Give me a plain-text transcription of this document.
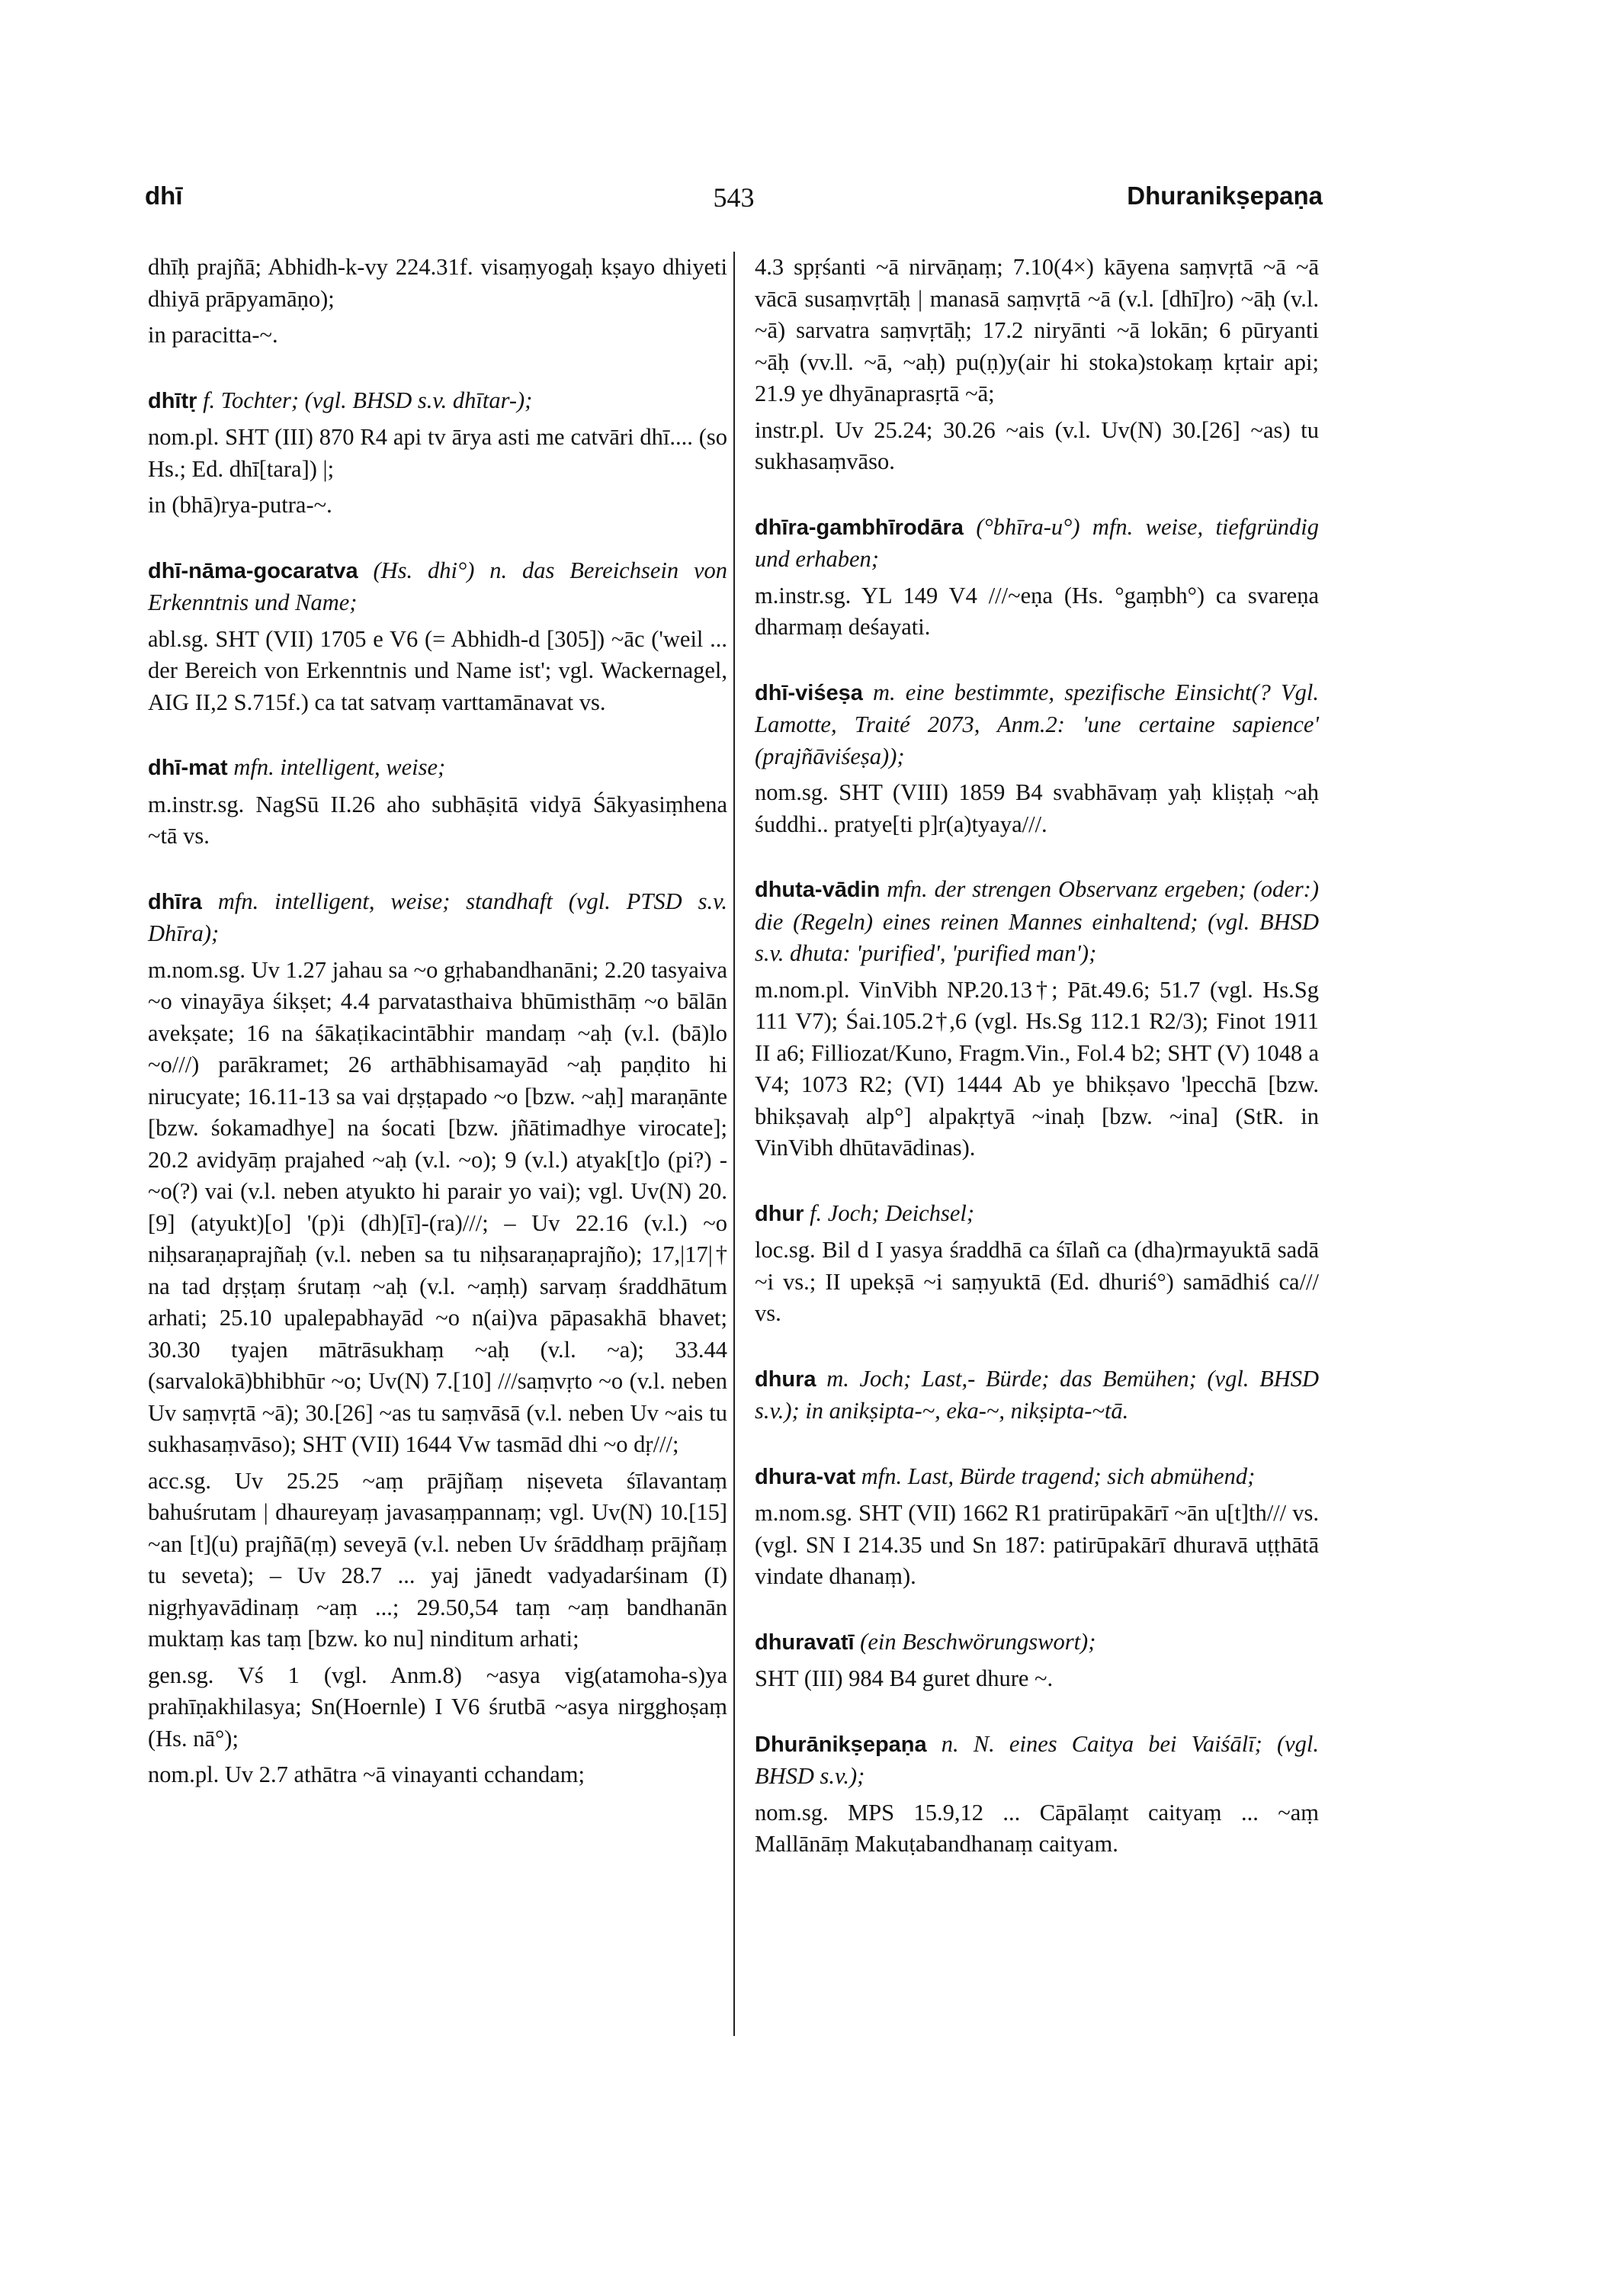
dhī	543	Dhuranikṣepaṇa

dhīḥ prajñā; Abhidh-k-vy 224.31f. visaṃyogaḥ kṣayo dhiyeti dhiyā prāpyamāṇo);

in paracitta-~.

dhītṛ f. Tochter; (vgl. BHSD s.v. dhītar-);

nom.pl. SHT (III) 870 R4 api tv ārya asti me catvāri dhī.... (so Hs.; Ed. dhī[tara]) |;

in (bhā)rya-putra-~.

dhī-nāma-gocaratva (Hs. dhi°) n. das Bereichsein von Erkenntnis und Name;

abl.sg. SHT (VII) 1705 e V6 (= Abhidh-d [305]) ~āc ('weil ... der Bereich von Erkenntnis und Name ist'; vgl. Wackernagel, AIG II,2 S.715f.) ca tat satvaṃ varttamānavat vs.

dhī-mat mfn. intelligent, weise;

m.instr.sg. NagSū II.26 aho subhāṣitā vidyā Śākyasiṃhena ~tā vs.

dhīra mfn. intelligent, weise; standhaft (vgl. PTSD s.v. Dhīra);

m.nom.sg. Uv 1.27 jahau sa ~o gṛhabandhanāni; 2.20 tasyaiva ~o vinayāya śikṣet; 4.4 parvatasthaiva bhūmisthāṃ ~o bālān avekṣate; 16 na śākaṭikacintābhir mandaṃ ~aḥ (v.l. (bā)lo ~o///) parākramet; 26 arthābhisamayād ~aḥ paṇḍito hi nirucyate; 16.11-13 sa vai dṛṣṭapado ~o [bzw. ~aḥ] maraṇānte [bzw. śokamadhye] na śocati [bzw. jñātimadhye virocate]; 20.2 avidyāṃ prajahed ~aḥ (v.l. ~o); 9 (v.l.) atyak[t]o (pi?) - ~o(?) vai (v.l. neben atyukto hi parair yo vai); vgl. Uv(N) 20.[9] (atyukt)[o] '(p)i (dh)[ī]-(ra)///; – Uv 22.16 (v.l.) ~o niḥsaraṇaprajñaḥ (v.l. neben sa tu niḥsaraṇaprajño); 17,|17|† na tad dṛṣṭaṃ śrutaṃ ~aḥ (v.l. ~aṃḥ) sarvaṃ śraddhātum arhati; 25.10 upalepabhayād ~o n(ai)va pāpasakhā bhavet; 30.30 tyajen mātrāsukhaṃ ~aḥ (v.l. ~a); 33.44 (sarvalokā)bhibhūr ~o; Uv(N) 7.[10] ///saṃvṛto ~o (v.l. neben Uv saṃvṛtā ~ā); 30.[26] ~as tu saṃvāsā (v.l. neben Uv ~ais tu sukhasaṃvāso); SHT (VII) 1644 Vw tasmād dhi ~o dṛ///;

acc.sg. Uv 25.25 ~aṃ prājñaṃ niṣeveta śīlavantaṃ bahuśrutam | dhaureyaṃ javasaṃpannaṃ; vgl. Uv(N) 10.[15] ~an [t](u) prajñā(ṃ) seveyā (v.l. neben Uv śrāddhaṃ prājñaṃ tu seveta); – Uv 28.7 ... yaj jānedt vadyadarśinam (I) nigṛhyavādinaṃ ~aṃ ...; 29.50,54 taṃ ~aṃ bandhanān muktaṃ kas taṃ [bzw. ko nu] ninditum arhati;

gen.sg. Vś 1 (vgl. Anm.8) ~asya vig(atamoha-s)ya prahīṇakhilasya; Sn(Hoernle) I V6 śrutbā ~asya nirgghoṣaṃ (Hs. nā°);

nom.pl. Uv 2.7 athātra ~ā vinayanti cchandam;

4.3 spṛśanti ~ā nirvāṇaṃ; 7.10(4×) kāyena saṃvṛtā ~ā ~ā vācā susaṃvṛtāḥ | manasā saṃvṛtā ~ā (v.l. [dhī]ro) ~āḥ (v.l. ~ā) sarvatra saṃvṛtāḥ; 17.2 niryānti ~ā lokān; 6 pūryanti ~āḥ (vv.ll. ~ā, ~aḥ) pu(ṇ)y(air hi stoka)stokaṃ kṛtair api; 21.9 ye dhyānaprasṛtā ~ā;

instr.pl. Uv 25.24; 30.26 ~ais (v.l. Uv(N) 30.[26] ~as) tu sukhasaṃvāso.

dhīra-gambhīrodāra (°bhīra-u°) mfn. weise, tiefgründig und erhaben;

m.instr.sg. YL 149 V4 ///~eṇa (Hs. °gaṃbh°) ca svareṇa dharmaṃ deśayati.

dhī-viśeṣa m. eine bestimmte, spezifische Einsicht(? Vgl. Lamotte, Traité 2073, Anm.2: 'une certaine sapience' (prajñāviśeṣa));

nom.sg. SHT (VIII) 1859 B4 svabhāvaṃ yaḥ kliṣṭaḥ ~aḥ śuddhi.. pratye[ti p]r(a)tyaya///.

dhuta-vādin mfn. der strengen Observanz ergeben; (oder:) die (Regeln) eines reinen Mannes einhaltend; (vgl. BHSD s.v. dhuta: 'purified', 'purified man');

m.nom.pl. VinVibh NP.20.13†; Pāt.49.6; 51.7 (vgl. Hs.Sg 111 V7); Śai.105.2†,6 (vgl. Hs.Sg 112.1 R2/3); Finot 1911 II a6; Filliozat/Kuno, Fragm.Vin., Fol.4 b2; SHT (V) 1048 a V4; 1073 R2; (VI) 1444 Ab ye bhikṣavo 'lpecchā [bzw. bhikṣavaḥ alp°] alpakṛtyā ~inaḥ [bzw. ~ina] (StR. in VinVibh dhūtavādinas).

dhur f. Joch; Deichsel;

loc.sg. Bil d I yasya śraddhā ca śīlañ ca (dha)rmayuktā sadā ~i vs.; II upekṣā ~i saṃyuktā (Ed. dhuriś°) samādhiś ca/// vs.

dhura m. Joch; Last,- Bürde; das Bemühen; (vgl. BHSD s.v.); in anikṣipta-~, eka-~, nikṣipta-~tā.

dhura-vat mfn. Last, Bürde tragend; sich abmühend;

m.nom.sg. SHT (VII) 1662 R1 pratirūpakārī ~ān u[t]th/// vs. (vgl. SN I 214.35 und Sn 187: patirūpakārī dhuravā uṭṭhātā vindate dhanaṃ).

dhuravatī (ein Beschwörungswort);

SHT (III) 984 B4 guret dhure ~.

Dhurānikṣepaṇa n. N. eines Caitya bei Vaiśālī; (vgl. BHSD s.v.);

nom.sg. MPS 15.9,12 ... Cāpālaṃt caityaṃ ... ~aṃ Mallānāṃ Makuṭabandhanaṃ caityam.
